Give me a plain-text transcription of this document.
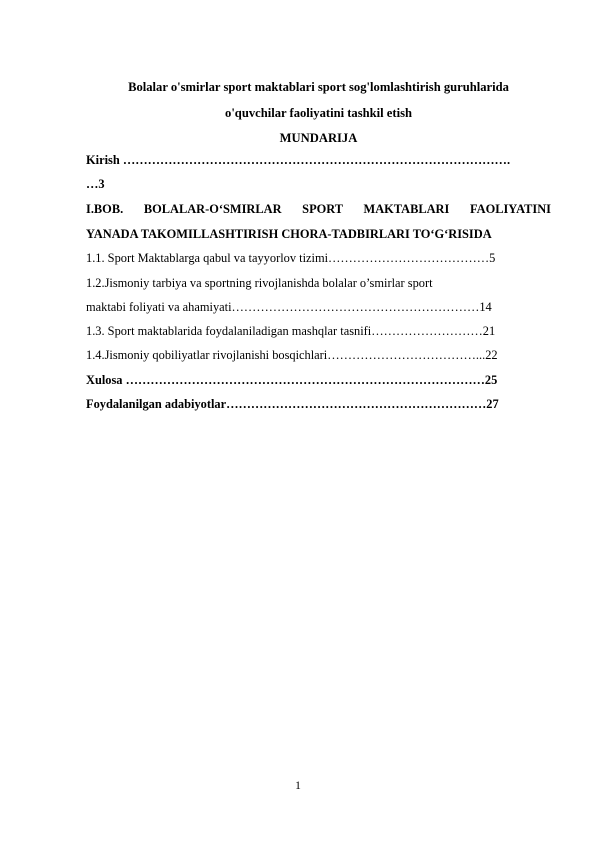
Bolalar o'smirlar sport maktablari sport sog'lomlashtirish guruhlarida
o'quvchilar faoliyatini tashkil etish
MUNDARIJA
Kirish ………………………………………………………………………………….
…3
I.BOB. BOLALAR-O‘SMIRLAR SPORT MAKTABLARI FAOLIYATINI
YANADA TAKOMILLASHTIRISH CHORA-TADBIRLARI TO‘G‘RISIDA
1.1. Sport Maktablarga qabul va tayyorlov tizimi…………………………………5
1.2.Jismoniy tarbiya va sportning rivojlanishda bolalar o’smirlar sport
maktabi foliyati va ahamiyati……………………………………………………14
1.3. Sport maktablarida foydalaniladigan mashqlar tasnifi………………………21
1.4.Jismoniy qobiliyatlar rivojlanishi bosqichlari………………………………...22
Xulosa ……………………………………………………………………………25
Foydalanilgan adabiyotlar………………………………………………………27
1
